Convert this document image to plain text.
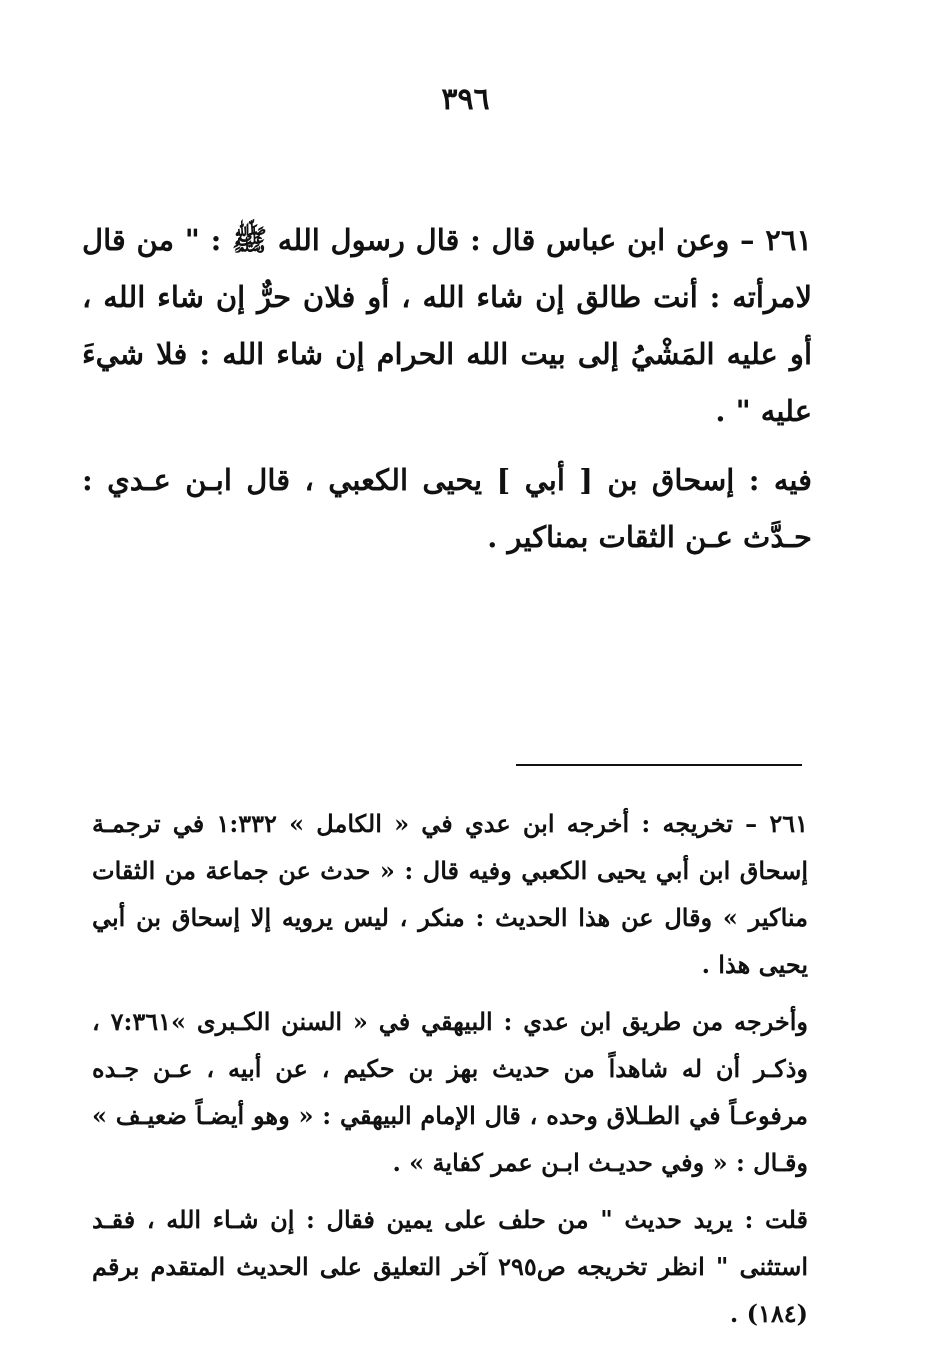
٣٩٦

٢٦١ – وعن ابن عباس قال : قال رسول الله ﷺ : " من قال لامرأته : أنت طالق إن شاء الله ، أو فلان حرٌّ إن شاء الله ، أو عليه المَشْيُ إلى بيت الله الحرام إن شاء الله : فلا شيءَ عليه " .

فيه : إسحاق بن [ أبي ] يحيى الكعبي ، قال ابـن عـدي : حـدَّث عـن الثقات بمناكير .

٢٦١ – تخريجه : أخرجه ابن عدي في « الكامل » ١:٣٣٢ في ترجمـة إسحاق ابن أبي يحيى الكعبي وفيه قال : « حدث عن جماعة من الثقات مناكير » وقال عن هذا الحديث : منكر ، ليس يرويه إلا إسحاق بن أبي يحيى هذا .

وأخرجه من طريق ابن عدي : البيهقي في « السنن الكـبرى »٧:٣٦١ ، وذكـر أن له شاهداً من حديث بهز بن حكيم ، عن أبيه ، عـن جـده مرفوعـاً في الطـلاق وحده ، قال الإمام البيهقي : « وهو أيضـاً ضعيـف » وقـال : « وفي حديـث ابـن عمر كفاية » .

قلت : يريد حديث " من حلف على يمين فقال : إن شـاء الله ، فقـد استثنى " انظر تخريجه ص٢٩٥ آخر التعليق على الحديث المتقدم برقم (١٨٤) .
